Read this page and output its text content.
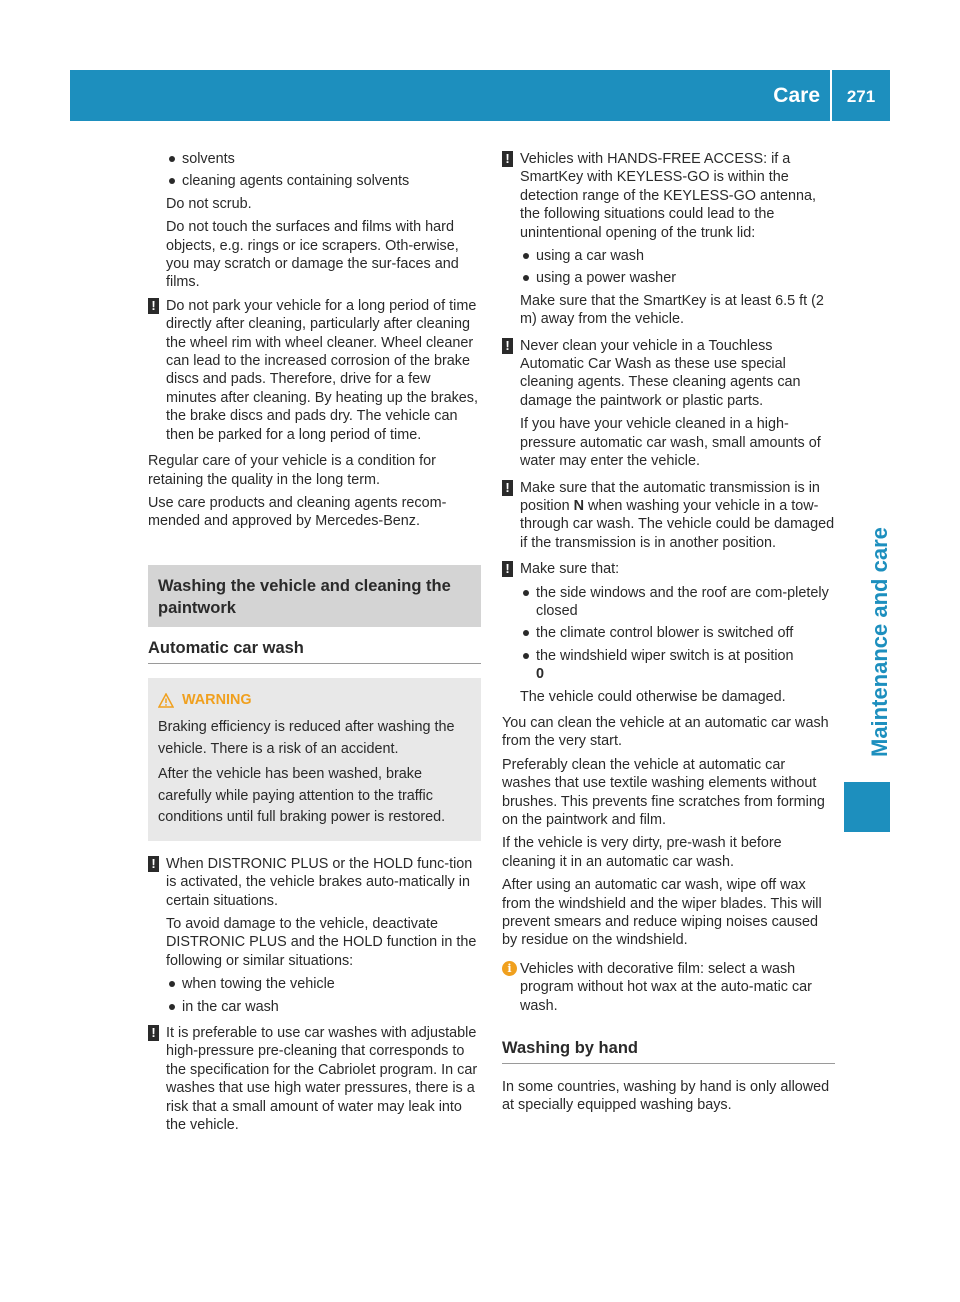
Care	271
Maintenance and care
solvents
cleaning agents containing solvents

Do not scrub.

Do not touch the surfaces and films with hard objects, e.g. rings or ice scrapers. Oth-erwise, you may scratch or damage the sur-faces and films.

! Do not park your vehicle for a long period of time directly after cleaning, particularly after cleaning the wheel rim with wheel cleaner. Wheel cleaner can lead to the increased corrosion of the brake discs and pads. Therefore, drive for a few minutes after cleaning. By heating up the brakes, the brake discs and pads dry. The vehicle can then be parked for a long period of time.

Regular care of your vehicle is a condition for retaining the quality in the long term.

Use care products and cleaning agents recom-mended and approved by Mercedes-Benz.

Washing the vehicle and cleaning the paintwork
Automatic car wash
WARNING

Braking efficiency is reduced after washing the vehicle. There is a risk of an accident.

After the vehicle has been washed, brake carefully while paying attention to the traffic conditions until full braking power is restored.

! When DISTRONIC PLUS or the HOLD func-tion is activated, the vehicle brakes auto-matically in certain situations.

To avoid damage to the vehicle, deactivate DISTRONIC PLUS and the HOLD function in the following or similar situations:

when towing the vehicle
in the car wash
! It is preferable to use car washes with adjustable high-pressure pre-cleaning that corresponds to the specification for the Cabriolet program. In car washes that use high water pressures, there is a risk that a small amount of water may leak into the vehicle.
! Vehicles with HANDS-FREE ACCESS: if a SmartKey with KEYLESS-GO is within the detection range of the KEYLESS-GO antenna, the following situations could lead to the unintentional opening of the trunk lid:

using a car wash
using a power washer

Make sure that the SmartKey is at least 6.5 ft (2 m) away from the vehicle.

! Never clean your vehicle in a Touchless Automatic Car Wash as these use special cleaning agents. These cleaning agents can damage the paintwork or plastic parts.

If you have your vehicle cleaned in a high-pressure automatic car wash, small amounts of water may enter the vehicle.

! Make sure that the automatic transmission is in position N when washing your vehicle in a tow-through car wash. The vehicle could be damaged if the transmission is in another position.
! Make sure that:

the side windows and the roof are com-pletely closed
the climate control blower is switched off
the windshield wiper switch is at position
0

The vehicle could otherwise be damaged.

You can clean the vehicle at an automatic car wash from the very start.

Preferably clean the vehicle at automatic car washes that use textile washing elements without brushes. This prevents fine scratches from forming on the paintwork and film.

If the vehicle is very dirty, pre-wash it before cleaning it in an automatic car wash.

After using an automatic car wash, wipe off wax from the windshield and the wiper blades. This will prevent smears and reduce wiping noises caused by residue on the windshield.

i Vehicles with decorative film: select a wash program without hot wax at the auto-matic car wash.
Washing by hand

In some countries, washing by hand is only allowed at specially equipped washing bays.
